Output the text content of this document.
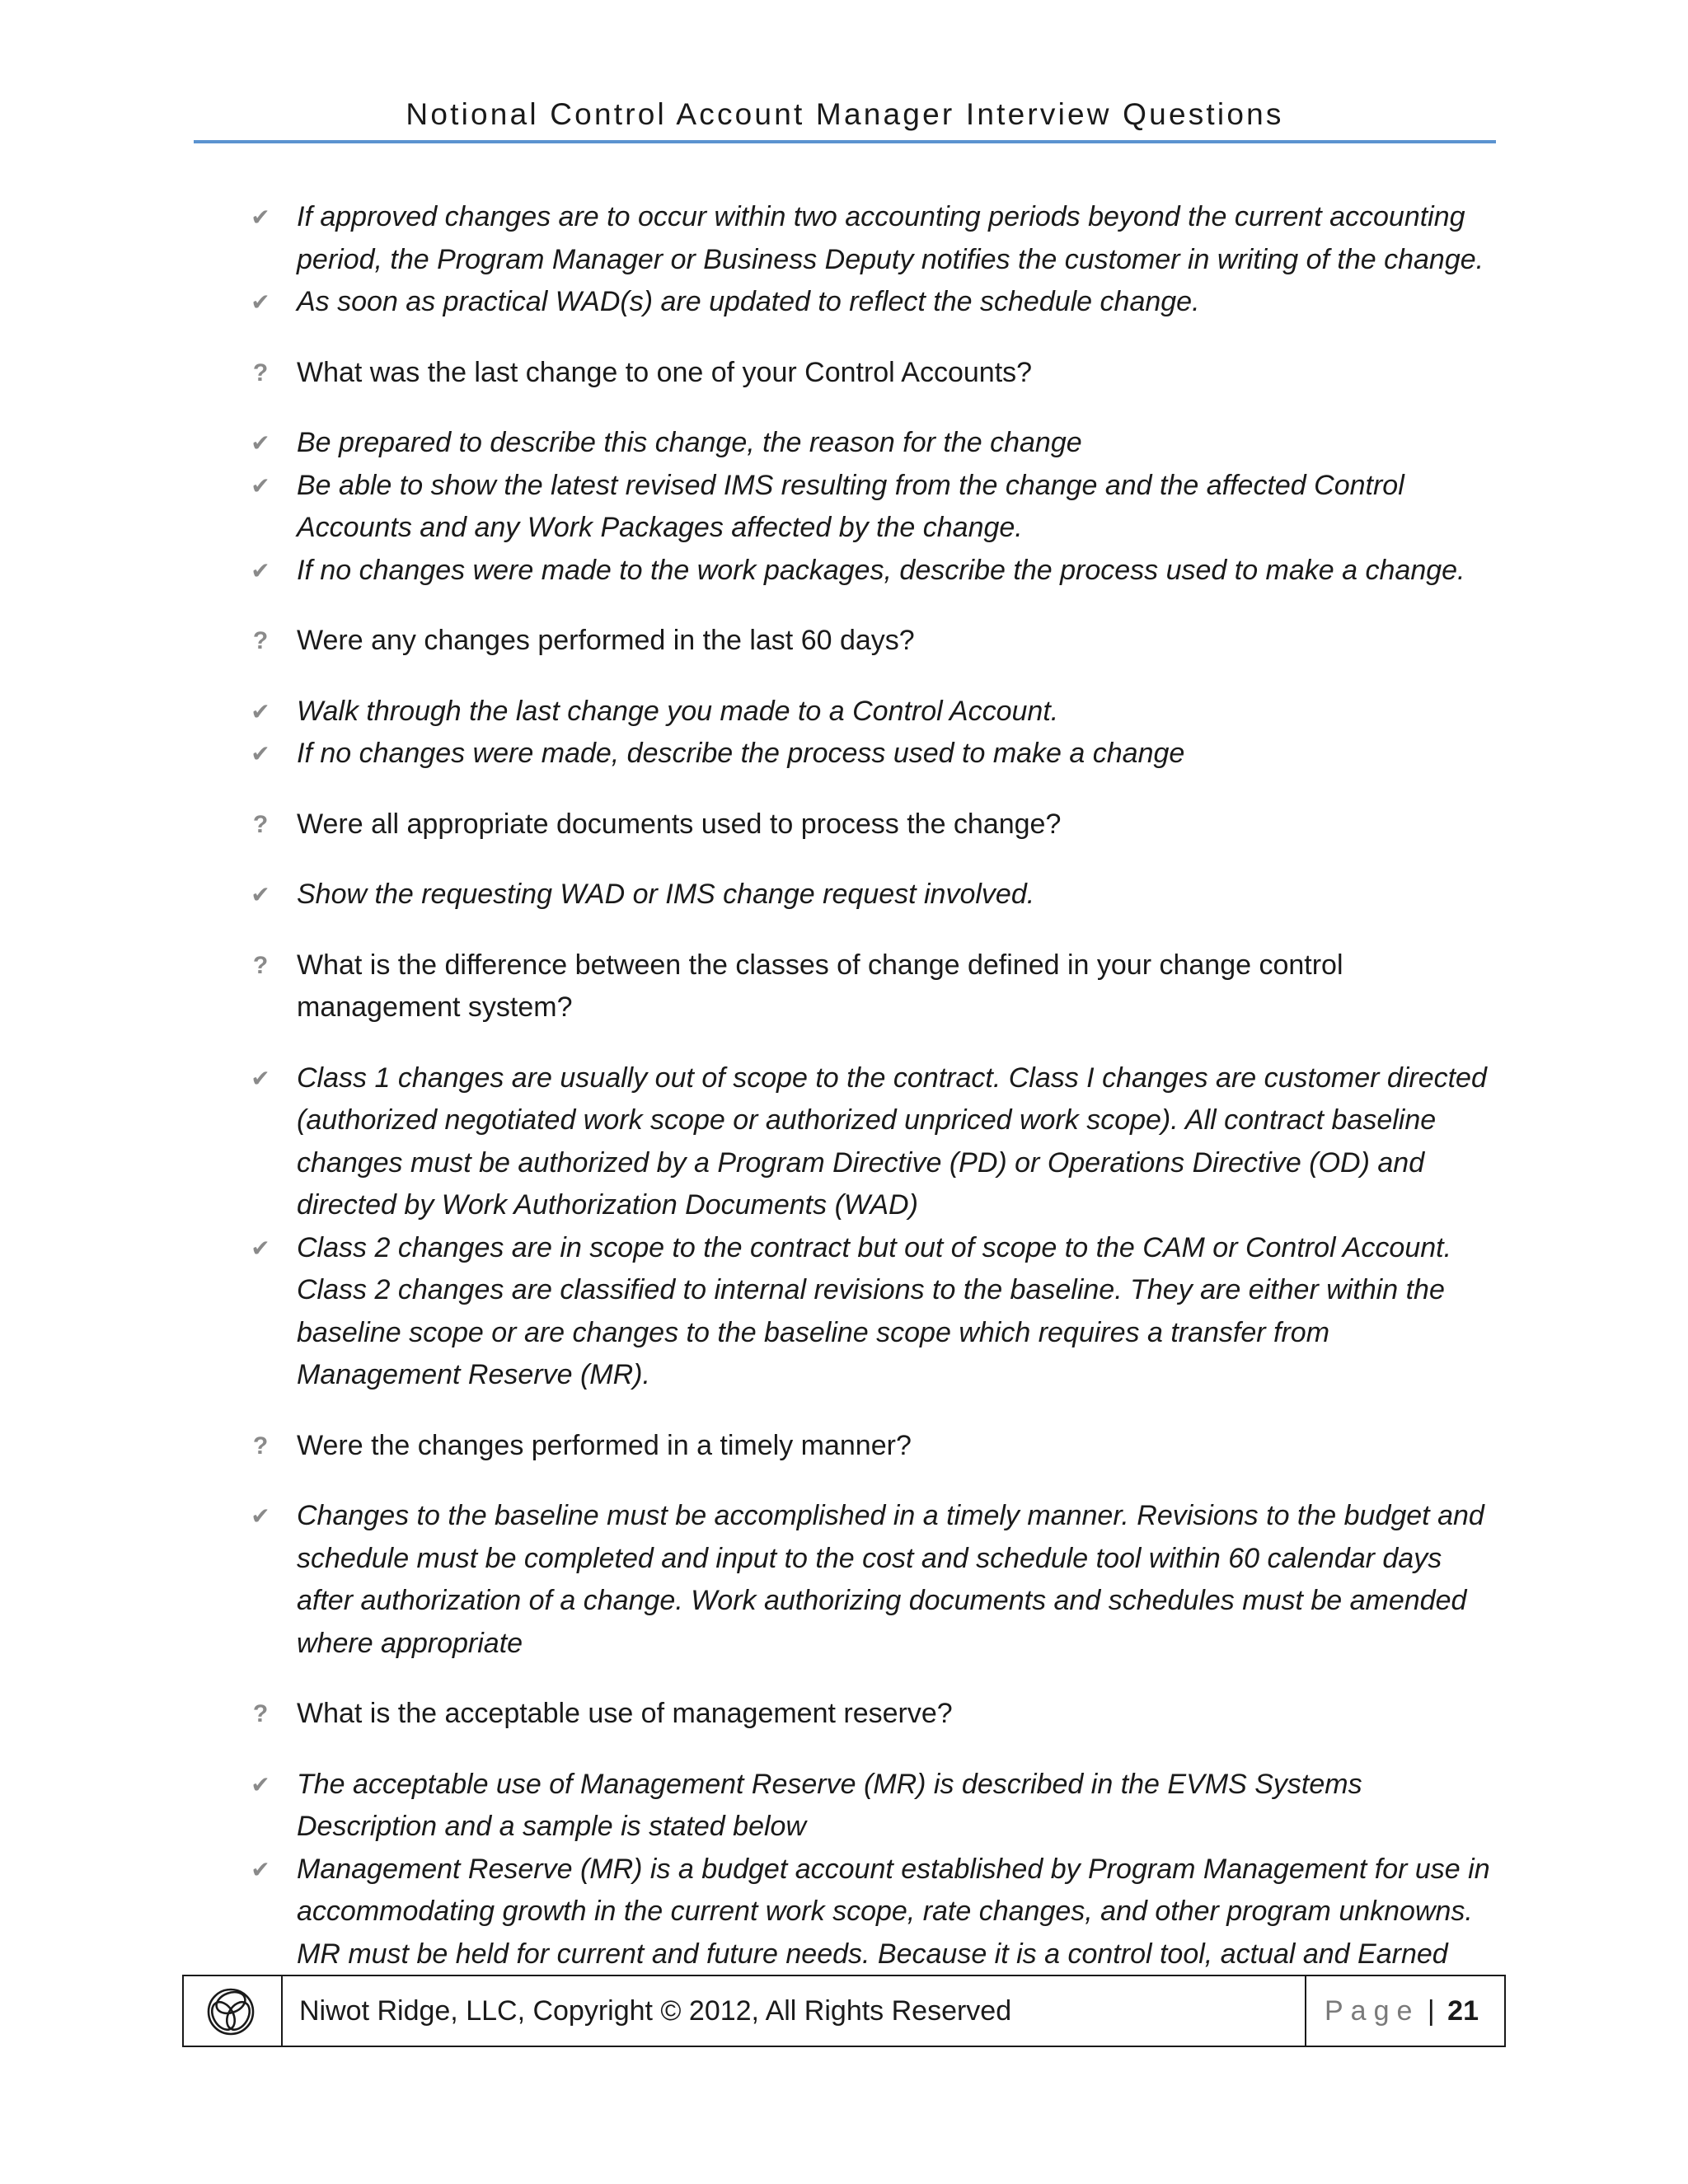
Notional Control Account Manager Interview Questions
✔ If approved changes are to occur within two accounting periods beyond the current accounting period, the Program Manager or Business Deputy notifies the customer in writing of the change.
✔ As soon as practical WAD(s) are updated to reflect the schedule change.
?	What was the last change to one of your Control Accounts?
✔ Be prepared to describe this change, the reason for the change
✔ Be able to show the latest revised IMS resulting from the change and the affected Control Accounts and any Work Packages affected by the change.
✔ If no changes were made to the work packages, describe the process used to make a change.
?	Were any changes performed in the last 60 days?
✔ Walk through the last change you made to a Control Account.
✔ If no changes were made, describe the process used to make a change
?	Were all appropriate documents used to process the change?
✔ Show the requesting WAD or IMS change request involved.
?	What is the difference between the classes of change defined in your change control management system?
✔ Class 1 changes are usually out of scope to the contract. Class I changes are customer directed (authorized negotiated work scope or authorized unpriced work scope). All contract baseline changes must be authorized by a Program Directive (PD) or Operations Directive (OD) and directed by Work Authorization Documents (WAD)
✔ Class 2 changes are in scope to the contract but out of scope to the CAM or Control Account. Class 2 changes are classified to internal revisions to the baseline. They are either within the baseline scope or are changes to the baseline scope which requires a transfer from Management Reserve (MR).
?	Were the changes performed in a timely manner?
✔ Changes to the baseline must be accomplished in a timely manner. Revisions to the budget and schedule must be completed and input to the cost and schedule tool within 60 calendar days after authorization of a change. Work authorizing documents and schedules must be amended where appropriate
?	What is the acceptable use of management reserve?
✔ The acceptable use of Management Reserve (MR) is described in the EVMS Systems Description and a sample is stated below
✔ Management Reserve (MR) is a budget account established by Program Management for use in accommodating growth in the current work scope, rate changes, and other program unknowns. MR must be held for current and future needs. Because it is a control tool, actual and Earned
Niwot Ridge, LLC, Copyright © 2012, All Rights Reserved	Page | 21
